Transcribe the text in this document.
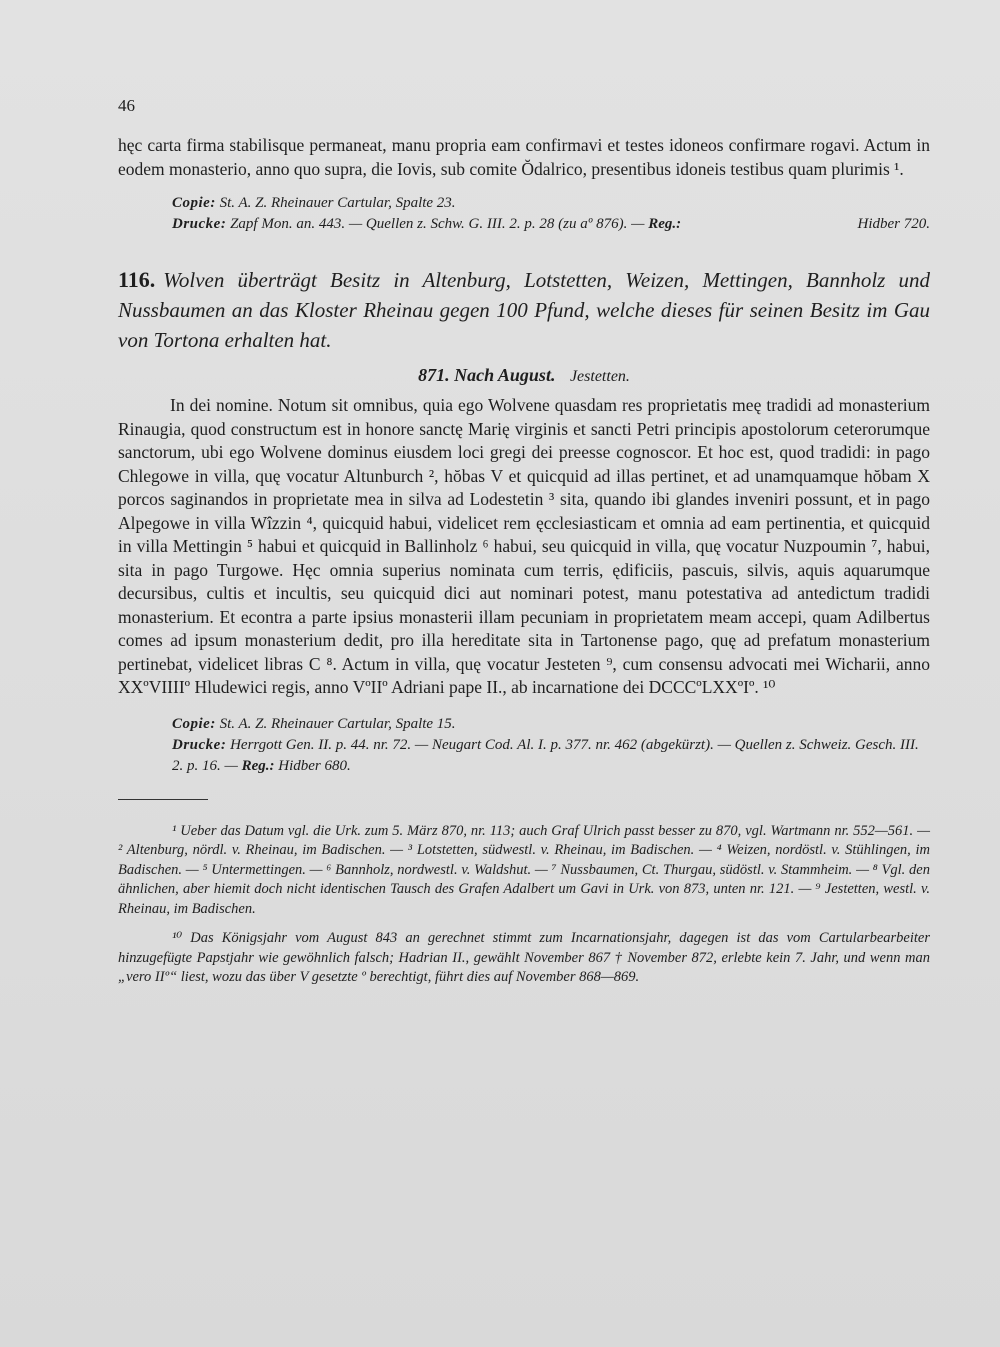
46

hęc carta firma stabilisque permaneat, manu propria eam confirmavi et testes idoneos confirmare rogavi. Actum in eodem monasterio, anno quo supra, die Iovis, sub comite Ŏdalrico, presentibus idoneis testibus quam plurimis ¹.

Copie: St. A. Z. Rheinauer Cartular, Spalte 23.
Drucke: Zapf Mon. an. 443. — Quellen z. Schw. G. III. 2. p. 28 (zu aº 876). — Reg.:	Hidber 720.
116. Wolven überträgt Besitz in Altenburg, Lotstetten, Weizen, Mettingen, Bannholz und Nussbaumen an das Kloster Rheinau gegen 100 Pfund, welche dieses für seinen Besitz im Gau von Tortona erhalten hat.
871. Nach August. Jestetten.

In dei nomine. Notum sit omnibus, quia ego Wolvene quasdam res proprietatis meę tradidi ad monasterium Rinaugia, quod constructum est in honore sanctę Marię virginis et sancti Petri principis apostolorum ceterorumque sanctorum, ubi ego Wolvene dominus eiusdem loci gregi dei preesse cognoscor. Et hoc est, quod tradidi: in pago Chlegowe in villa, quę vocatur Altunburch ², hŏbas V et quicquid ad illas pertinet, et ad unamquamque hŏbam X porcos saginandos in proprietate mea in silva ad Lodestetin ³ sita, quando ibi glandes inveniri possunt, et in pago Alpegowe in villa Wîzzin ⁴, quicquid habui, videlicet rem ęcclesiasticam et omnia ad eam pertinentia, et quicquid in villa Mettingin ⁵ habui et quicquid in Ballinholz ⁶ habui, seu quicquid in villa, quę vocatur Nuzpoumin ⁷, habui, sita in pago Turgowe. Hęc omnia superius nominata cum terris, ędificiis, pascuis, silvis, aquis aquarumque decursibus, cultis et incultis, seu quicquid dici aut nominari potest, manu potestativa ad antedictum tradidi monasterium. Et econtra a parte ipsius monasterii illam pecuniam in proprietatem meam accepi, quam Adilbertus comes ad ipsum monasterium dedit, pro illa hereditate sita in Tartonense pago, quę ad prefatum monasterium pertinebat, videlicet libras C ⁸. Actum in villa, quę vocatur Jesteten ⁹, cum consensu advocati mei Wicharii, anno XXºVIIIIº Hludewici regis, anno VºIIº Adriani pape II., ab incarnatione dei DCCCºLXXºIº. ¹⁰

Copie: St. A. Z. Rheinauer Cartular, Spalte 15.
Drucke: Herrgott Gen. II. p. 44. nr. 72. — Neugart Cod. Al. I. p. 377. nr. 462 (abgekürzt). — Quellen z. Schweiz. Gesch. III. 2. p. 16. — Reg.: Hidber 680.

¹ Ueber das Datum vgl. die Urk. zum 5. März 870, nr. 113; auch Graf Ulrich passt besser zu 870, vgl. Wartmann nr. 552—561. — ² Altenburg, nördl. v. Rheinau, im Badischen. — ³ Lotstetten, südwestl. v. Rheinau, im Badischen. — ⁴ Weizen, nordöstl. v. Stühlingen, im Badischen. — ⁵ Untermettingen. — ⁶ Bannholz, nordwestl. v. Waldshut. — ⁷ Nussbaumen, Ct. Thurgau, südöstl. v. Stammheim. — ⁸ Vgl. den ähnlichen, aber hiemit doch nicht identischen Tausch des Grafen Adalbert um Gavi in Urk. von 873, unten nr. 121. — ⁹ Jestetten, westl. v. Rheinau, im Badischen.

¹⁰ Das Königsjahr vom August 843 an gerechnet stimmt zum Incarnationsjahr, dagegen ist das vom Cartularbearbeiter hinzugefügte Papstjahr wie gewöhnlich falsch; Hadrian II., gewählt November 867 † November 872, erlebte kein 7. Jahr, und wenn man „vero IIº“ liest, wozu das über V gesetzte º berechtigt, führt dies auf November 868—869.
